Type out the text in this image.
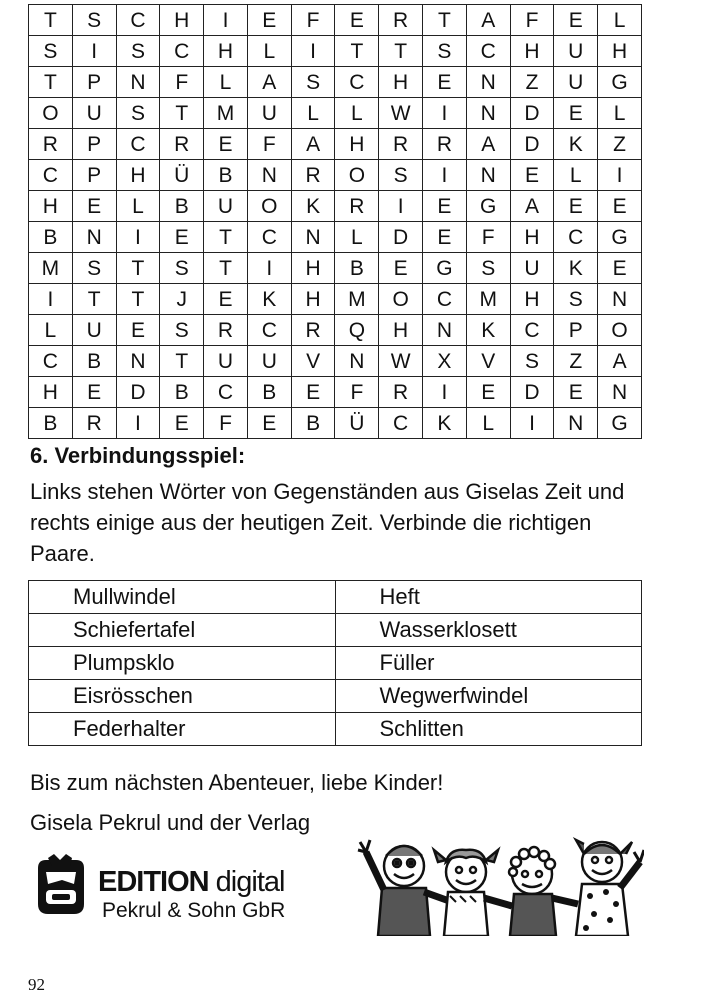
T	S	C	H	I	E	F	E	R	T	A	F	E	L
S	I	S	C	H	L	I	T	T	S	C	H	U	H
T	P	N	F	L	A	S	C	H	E	N	Z	U	G
O	U	S	T	M	U	L	L	W	I	N	D	E	L
R	P	C	R	E	F	A	H	R	R	A	D	K	Z
C	P	H	Ü	B	N	R	O	S	I	N	E	L	I
H	E	L	B	U	O	K	R	I	E	G	A	E	E
B	N	I	E	T	C	N	L	D	E	F	H	C	G
M	S	T	S	T	I	H	B	E	G	S	U	K	E
I	T	T	J	E	K	H	M	O	C	M	H	S	N
L	U	E	S	R	C	R	Q	H	N	K	C	P	O
C	B	N	T	U	U	V	N	W	X	V	S	Z	A
H	E	D	B	C	B	E	F	R	I	E	D	E	N
B	R	I	E	F	E	B	Ü	C	K	L	I	N	G
6. Verbindungsspiel:
Links stehen Wörter von Gegenständen aus Giselas Zeit und rechts einige aus der heutigen Zeit. Verbinde die richtigen Paare.
Mullwindel	Heft
Schiefertafel	Wasserklosett
Plumpsklo	Füller
Eisrösschen	Wegwerfwindel
Federhalter	Schlitten
Bis zum nächsten Abenteuer, liebe Kinder!
Gisela Pekrul und der Verlag
EDITION digital
Pekrul & Sohn GbR
92
